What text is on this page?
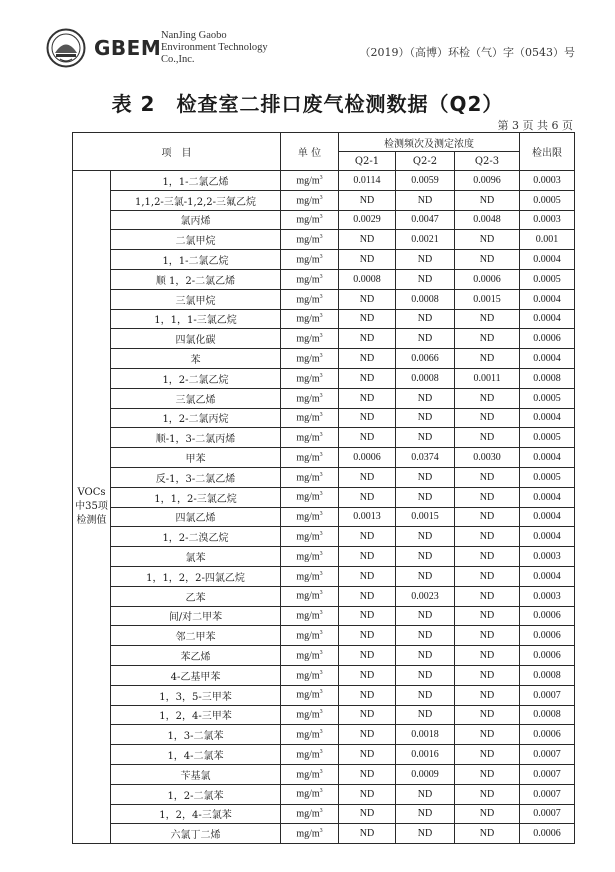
GBEM
NanJing Gaobo
Environment Technology
Co.,Inc.
（2019）（高博）环检（气）字（0543）号
表 2　检查室二排口废气检测数据（Q2）
第 3 页 共 6 页
项　目		单 位	检测频次及测定浓度			检出限
			Q2-1	Q2-2	Q2-3	
VOCs中35项检测值	1，1-二氯乙烯	$mg/m^3$	0.0114	0.0059	0.0096	0.0003
	1,1,2-三氯-1,2,2-三氟乙烷	$mg/m^3$	ND	ND	ND	0.0005
	氯丙烯	$mg/m^3$	0.0029	0.0047	0.0048	0.0003
	二氯甲烷	$mg/m^3$	ND	0.0021	ND	0.001
	1，1-二氯乙烷	$mg/m^3$	ND	ND	ND	0.0004
	顺 1，2-二氯乙烯	$mg/m^3$	0.0008	ND	0.0006	0.0005
	三氯甲烷	$mg/m^3$	ND	0.0008	0.0015	0.0004
	1，1，1-三氯乙烷	$mg/m^3$	ND	ND	ND	0.0004
	四氯化碳	$mg/m^3$	ND	ND	ND	0.0006
	苯	$mg/m^3$	ND	0.0066	ND	0.0004
	1，2-二氯乙烷	$mg/m^3$	ND	0.0008	0.0011	0.0008
	三氯乙烯	$mg/m^3$	ND	ND	ND	0.0005
	1，2-二氯丙烷	$mg/m^3$	ND	ND	ND	0.0004
	顺-1，3-二氯丙烯	$mg/m^3$	ND	ND	ND	0.0005
	甲苯	$mg/m^3$	0.0006	0.0374	0.0030	0.0004
	反-1，3-二氯乙烯	$mg/m^3$	ND	ND	ND	0.0005
	1，1，2-三氯乙烷	$mg/m^3$	ND	ND	ND	0.0004
	四氯乙烯	$mg/m^3$	0.0013	0.0015	ND	0.0004
	1，2-二溴乙烷	$mg/m^3$	ND	ND	ND	0.0004
	氯苯	$mg/m^3$	ND	ND	ND	0.0003
	1，1，2，2-四氯乙烷	$mg/m^3$	ND	ND	ND	0.0004
	乙苯	$mg/m^3$	ND	0.0023	ND	0.0003
	间/对二甲苯	$mg/m^3$	ND	ND	ND	0.0006
	邻二甲苯	$mg/m^3$	ND	ND	ND	0.0006
	苯乙烯	$mg/m^3$	ND	ND	ND	0.0006
	4-乙基甲苯	$mg/m^3$	ND	ND	ND	0.0008
	1，3，5-三甲苯	$mg/m^3$	ND	ND	ND	0.0007
	1，2，4-三甲苯	$mg/m^3$	ND	ND	ND	0.0008
	1，3-二氯苯	$mg/m^3$	ND	0.0018	ND	0.0006
	1，4-二氯苯	$mg/m^3$	ND	0.0016	ND	0.0007
	苄基氯	$mg/m^3$	ND	0.0009	ND	0.0007
	1，2-二氯苯	$mg/m^3$	ND	ND	ND	0.0007
	1，2，4-三氯苯	$mg/m^3$	ND	ND	ND	0.0007
	六氯丁二烯	$mg/m^3$	ND	ND	ND	0.0006
